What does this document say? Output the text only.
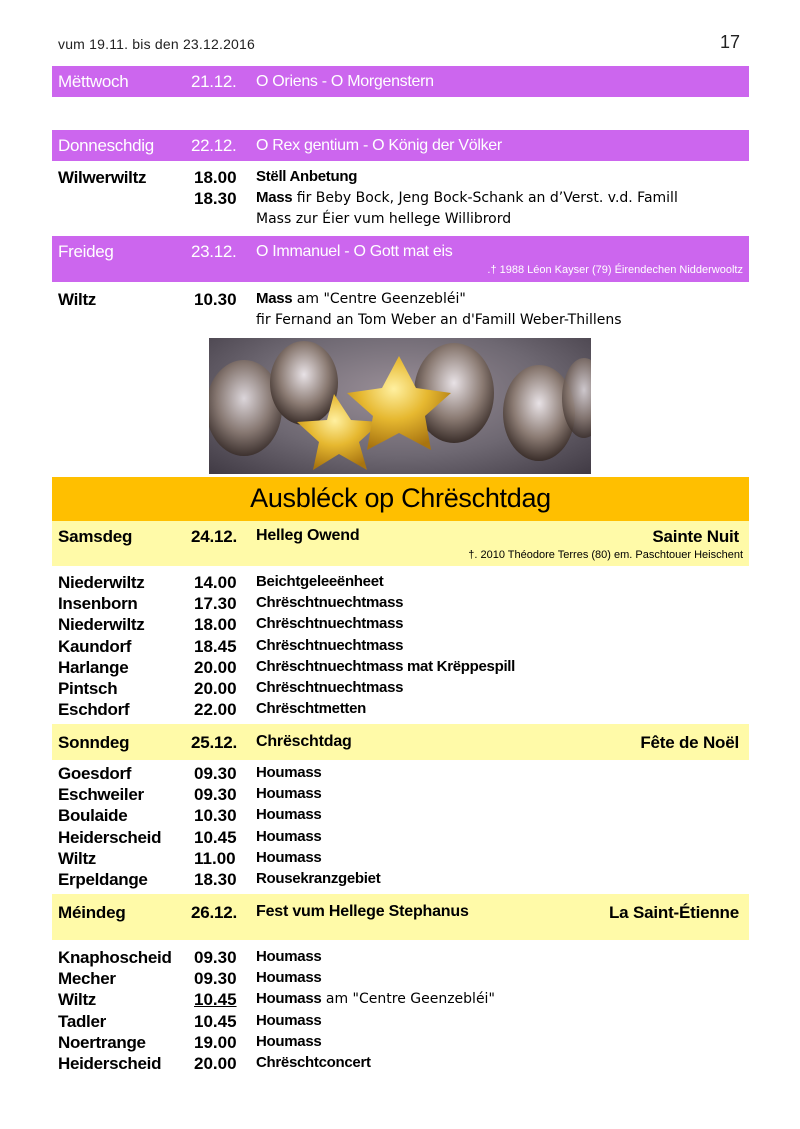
vum 19.11. bis den 23.12.2016	17
Mëttwoch	21.12. O Oriens - O Morgenstern
Donneschdig 22.12. O Rex gentium - O König der Völker
Wilwerwiltz	18.00 Stëll Anbetung
18.30 Mass fir Beby Bock, Jeng Bock-Schank an d’Verst. v.d. Famill
Mass zur Éier vum hellege Willibrord
Freideg	23.12. O Immanuel - O Gott mat eis
.† 1988 Léon Kayser (79) Éirendechen Nidderwooltz
Wiltz	10.30 Mass am "Centre Geenzebléi"
fir Fernand an Tom Weber an d'Famill Weber-Thillens
Ausbléck op Chrëschtdag
Samsdeg	24.12. Helleg Owend	Sainte Nuit
†. 2010 Théodore Terres (80) em. Paschtouer Heischent
Niederwiltz	14.00 Beichtgeleeënheet
Insenborn	17.30 Chrëschtnuechtmass
Niederwiltz	18.00 Chrëschtnuechtmass
Kaundorf	18.45 Chrëschtnuechtmass
Harlange	20.00 Chrëschtnuechtmass mat Krëppespill
Pintsch	20.00 Chrëschtnuechtmass
Eschdorf	22.00 Chrëschtmetten
Sonndeg	25.12. Chrëschtdag	Fête de Noël
Goesdorf	09.30 Houmass
Eschweiler	09.30 Houmass
Boulaide	10.30 Houmass
Heiderscheid 10.45 Houmass
Wiltz	11.00 Houmass
Erpeldange	18.30 Rousekranzgebiet
Méindeg	26.12. Fest vum Hellege Stephanus	La Saint-Étienne
Knaphoscheid 09.30 Houmass
Mecher	09.30 Houmass
Wiltz	10.45 Houmass am "Centre Geenzebléi"
Tadler	10.45 Houmass
Noertrange	19.00 Houmass
Heiderscheid 20.00 Chrëschtconcert
